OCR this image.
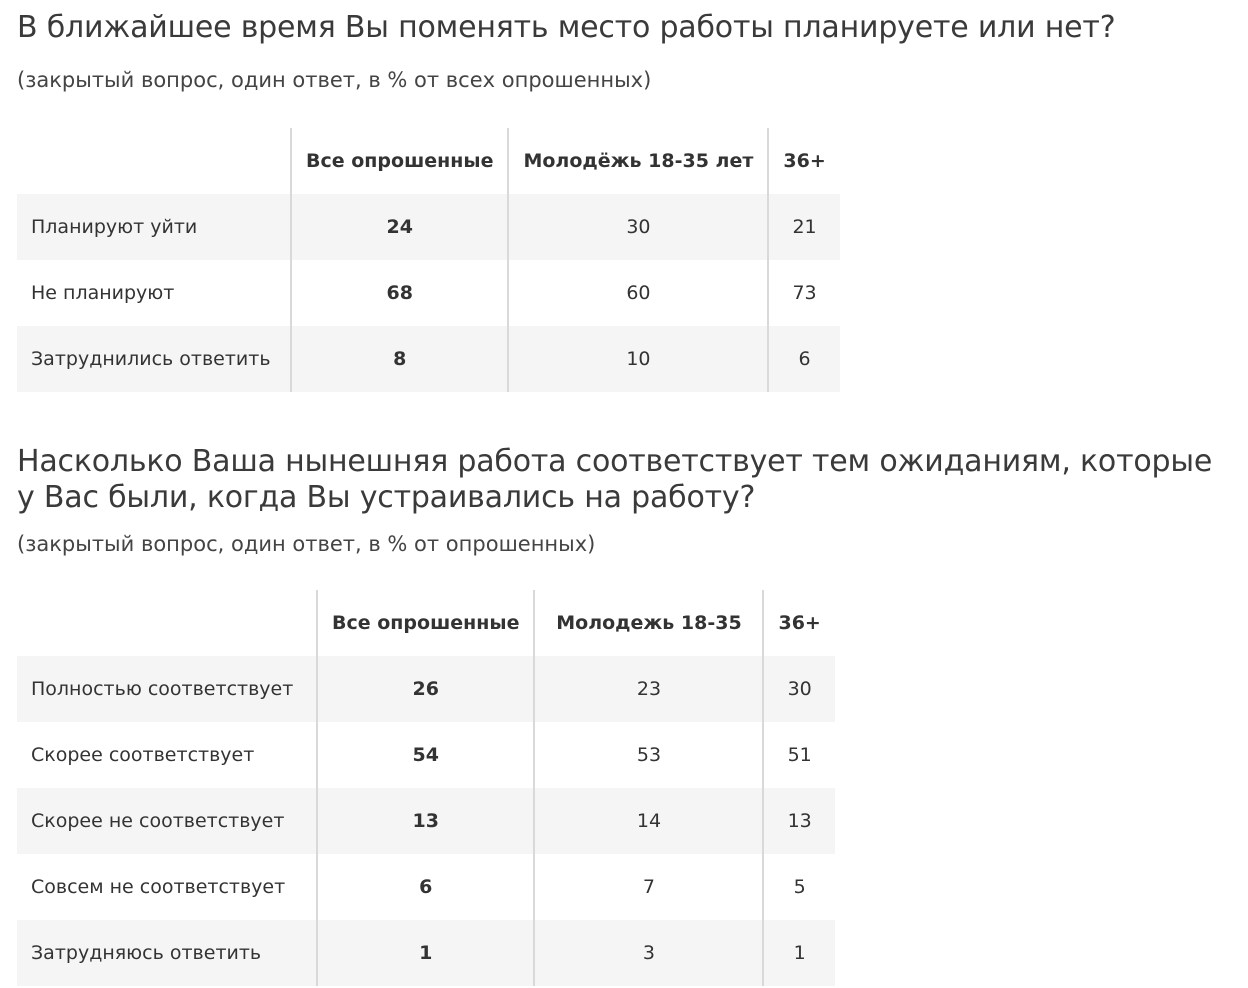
В ближайшее время Вы поменять место работы планируете или нет?

(закрытый вопрос, один ответ, в % от всех опрошенных)

	Все опрошенные	Молодёжь 18-35 лет	36+
Планируют уйти	24	30	21
Не планируют	68	60	73
Затруднились ответить	8	10	6
Насколько Ваша нынешняя работа соответствует тем ожиданиям, которые у Вас были, когда Вы устраивались на работу?

(закрытый вопрос, один ответ, в % от опрошенных)

	Все опрошенные	Молодежь 18-35	36+
Полностью соответствует	26	23	30
Скорее соответствует	54	53	51
Скорее не соответствует	13	14	13
Совсем не соответствует	6	7	5
Затрудняюсь ответить	1	3	1
